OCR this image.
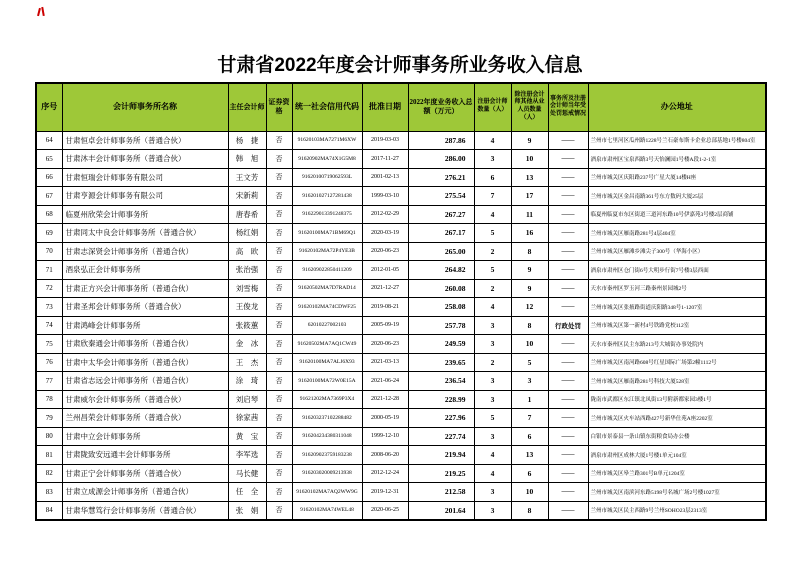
甘肃省2022年度会计师事务所业务收入信息
序号	会计师事务所名称	主任会计师	证券资格	统一社会信用代码	批准日期	2022年度业务收入总额（万元）	注册会计师数量（人）	除注册会计师其他从业人员数量（人）	事务所及注册会计师当年受处罚惩戒情况	办公地址
64	甘肃恒卓会计师事务所（普通合伙）	杨　捷	否	91620103MA7271M6XW	2019-03-03	287.86	4	9	——	兰州市七里河区瓜州路1228号兰石豪布斯卡企业总部基地1号楼804室
65	甘肃沐丰会计师事务所（普通合伙）	韩　旭	否	91620902MA74X1G5M8	2017-11-27	286.00	3	10	——	酒泉市肃州区宝泉西路3号天怡澜园1号楼A段1-2-1室
66	甘肃恒瑞会计师事务有限公司	王文芳	否	91620100719062593L	2001-02-13	276.21	6	13	——	兰州市城关区庆阳路237号广星大厦14楼H座
67	甘肃亨源会计师事务有限公司	宋新莉	否	916201027127281438	1999-03-10	275.54	7	17	——	兰州市城关区金昌南路361号东方数码大厦25层
68	临夏州欣荣会计师事务所	唐春希	否	916229013391248375	2012-02-29	267.27	4	11	——	临夏州临夏市东区街道三道河东路10号伊嘉苑3号楼2层商铺
69	甘肃同太中良会计师事务所（普通合伙）	杨红娟	否	91620100MA71BM69Q1	2020-03-19	267.17	5	16	——	兰州市城关区雁南路281号4层404室
70	甘肃志深贤会计师事务所（普通合伙）	高　欧	否	91620102MA72P4YE3B	2020-06-23	265.00	2	8	——	兰州市城关区雁滩乡滩尖子300号（华海小区）
71	酒泉弘正会计师事务所	张治强	否	916209022850411209	2012-01-05	264.82	5	9	——	酒泉市肃州区仓门街6号大明步行街7号楼3层西面
72	甘肃正方兴会计师事务所（普通合伙）	刘雪梅	否	91620502MA7D7RAD14	2021-12-27	260.08	2	9	——	天水市秦州区罗玉河三路秦州景园城2号
73	甘肃圣邦会计师事务所（普通合伙）	王俊龙	否	91620102MA74CDWF25	2019-08-21	258.08	4	12	——	兰州市城关区张掖路街道庆阳路348号1-1207室
74	甘肃鸿峰会计师事务所	张筱蕙	否	62010227002103	2005-09-19	257.78	3	8	行政处罚	兰州市城关区第一新村4号铁路党校112室
75	甘肃欣秦通会计师事务所（普通合伙）	金　冰	否	91620502MA7AQ1CW49	2020-06-23	249.59	3	10	——	天水市秦州区民主东路213号大城街办事处院内
76	甘肃中太华会计师事务所（普通合伙）	王　杰	否	91620100MA7ALJ6X93	2021-03-13	239.65	2	5	——	兰州市城关区南河路608号红星国际广场第2幢1112号
77	甘肃省志远会计师事务所（普通合伙）	涂　琦	否	91620100MA72W0E15A	2021-06-24	236.54	3	3	——	兰州市城关区雁南路281号科技大厦528室
78	甘肃威尔会计师事务所（普通合伙）	刘启琴	否	91621202MA7369P3X4	2021-12-28	228.99	3	1	——	陇南市武都区东江镇北凤街13号附新都家园3楼1号
79	兰州昌荣会计师事务所（普通合伙）	徐家茜	否	916203237102288482	2000-05-19	227.96	5	7	——	兰州市城关区火车站西路427号新华仕苑A座2202室
80	甘肃中立会计师事务所	黄　宝	否	916204234380311048	1999-12-10	227.74	3	6	——	白银市景泰县一条山镇东街粮食局办公楼
81	甘肃陇致安远通丰会计师事务所	李军选	否	916209023759183238	2008-06-20	219.94	4	13	——	酒泉市肃州区成林大厦1号楼1单元104室
82	甘肃正宁会计师事务所（普通合伙）	马长健	否	916203020009213938	2012-12-24	219.25	4	6	——	兰州市城关区皋兰路301号B单元1204室
83	甘肃立成源会计师事务所（普通合伙）	任　全	否	91620102MA7AQ2WW9G	2019-12-31	212.58	3	10	——	兰州市城关区南滨河东路5198号名城广场2号楼1027室
84	甘肃华慧笃行会计师事务所（普通合伙）	张　娟	否	91620102MA74WEL48	2020-06-25	201.64	3	8	——	兰州市城关区民主西路9号兰州SOHO23层2313室
